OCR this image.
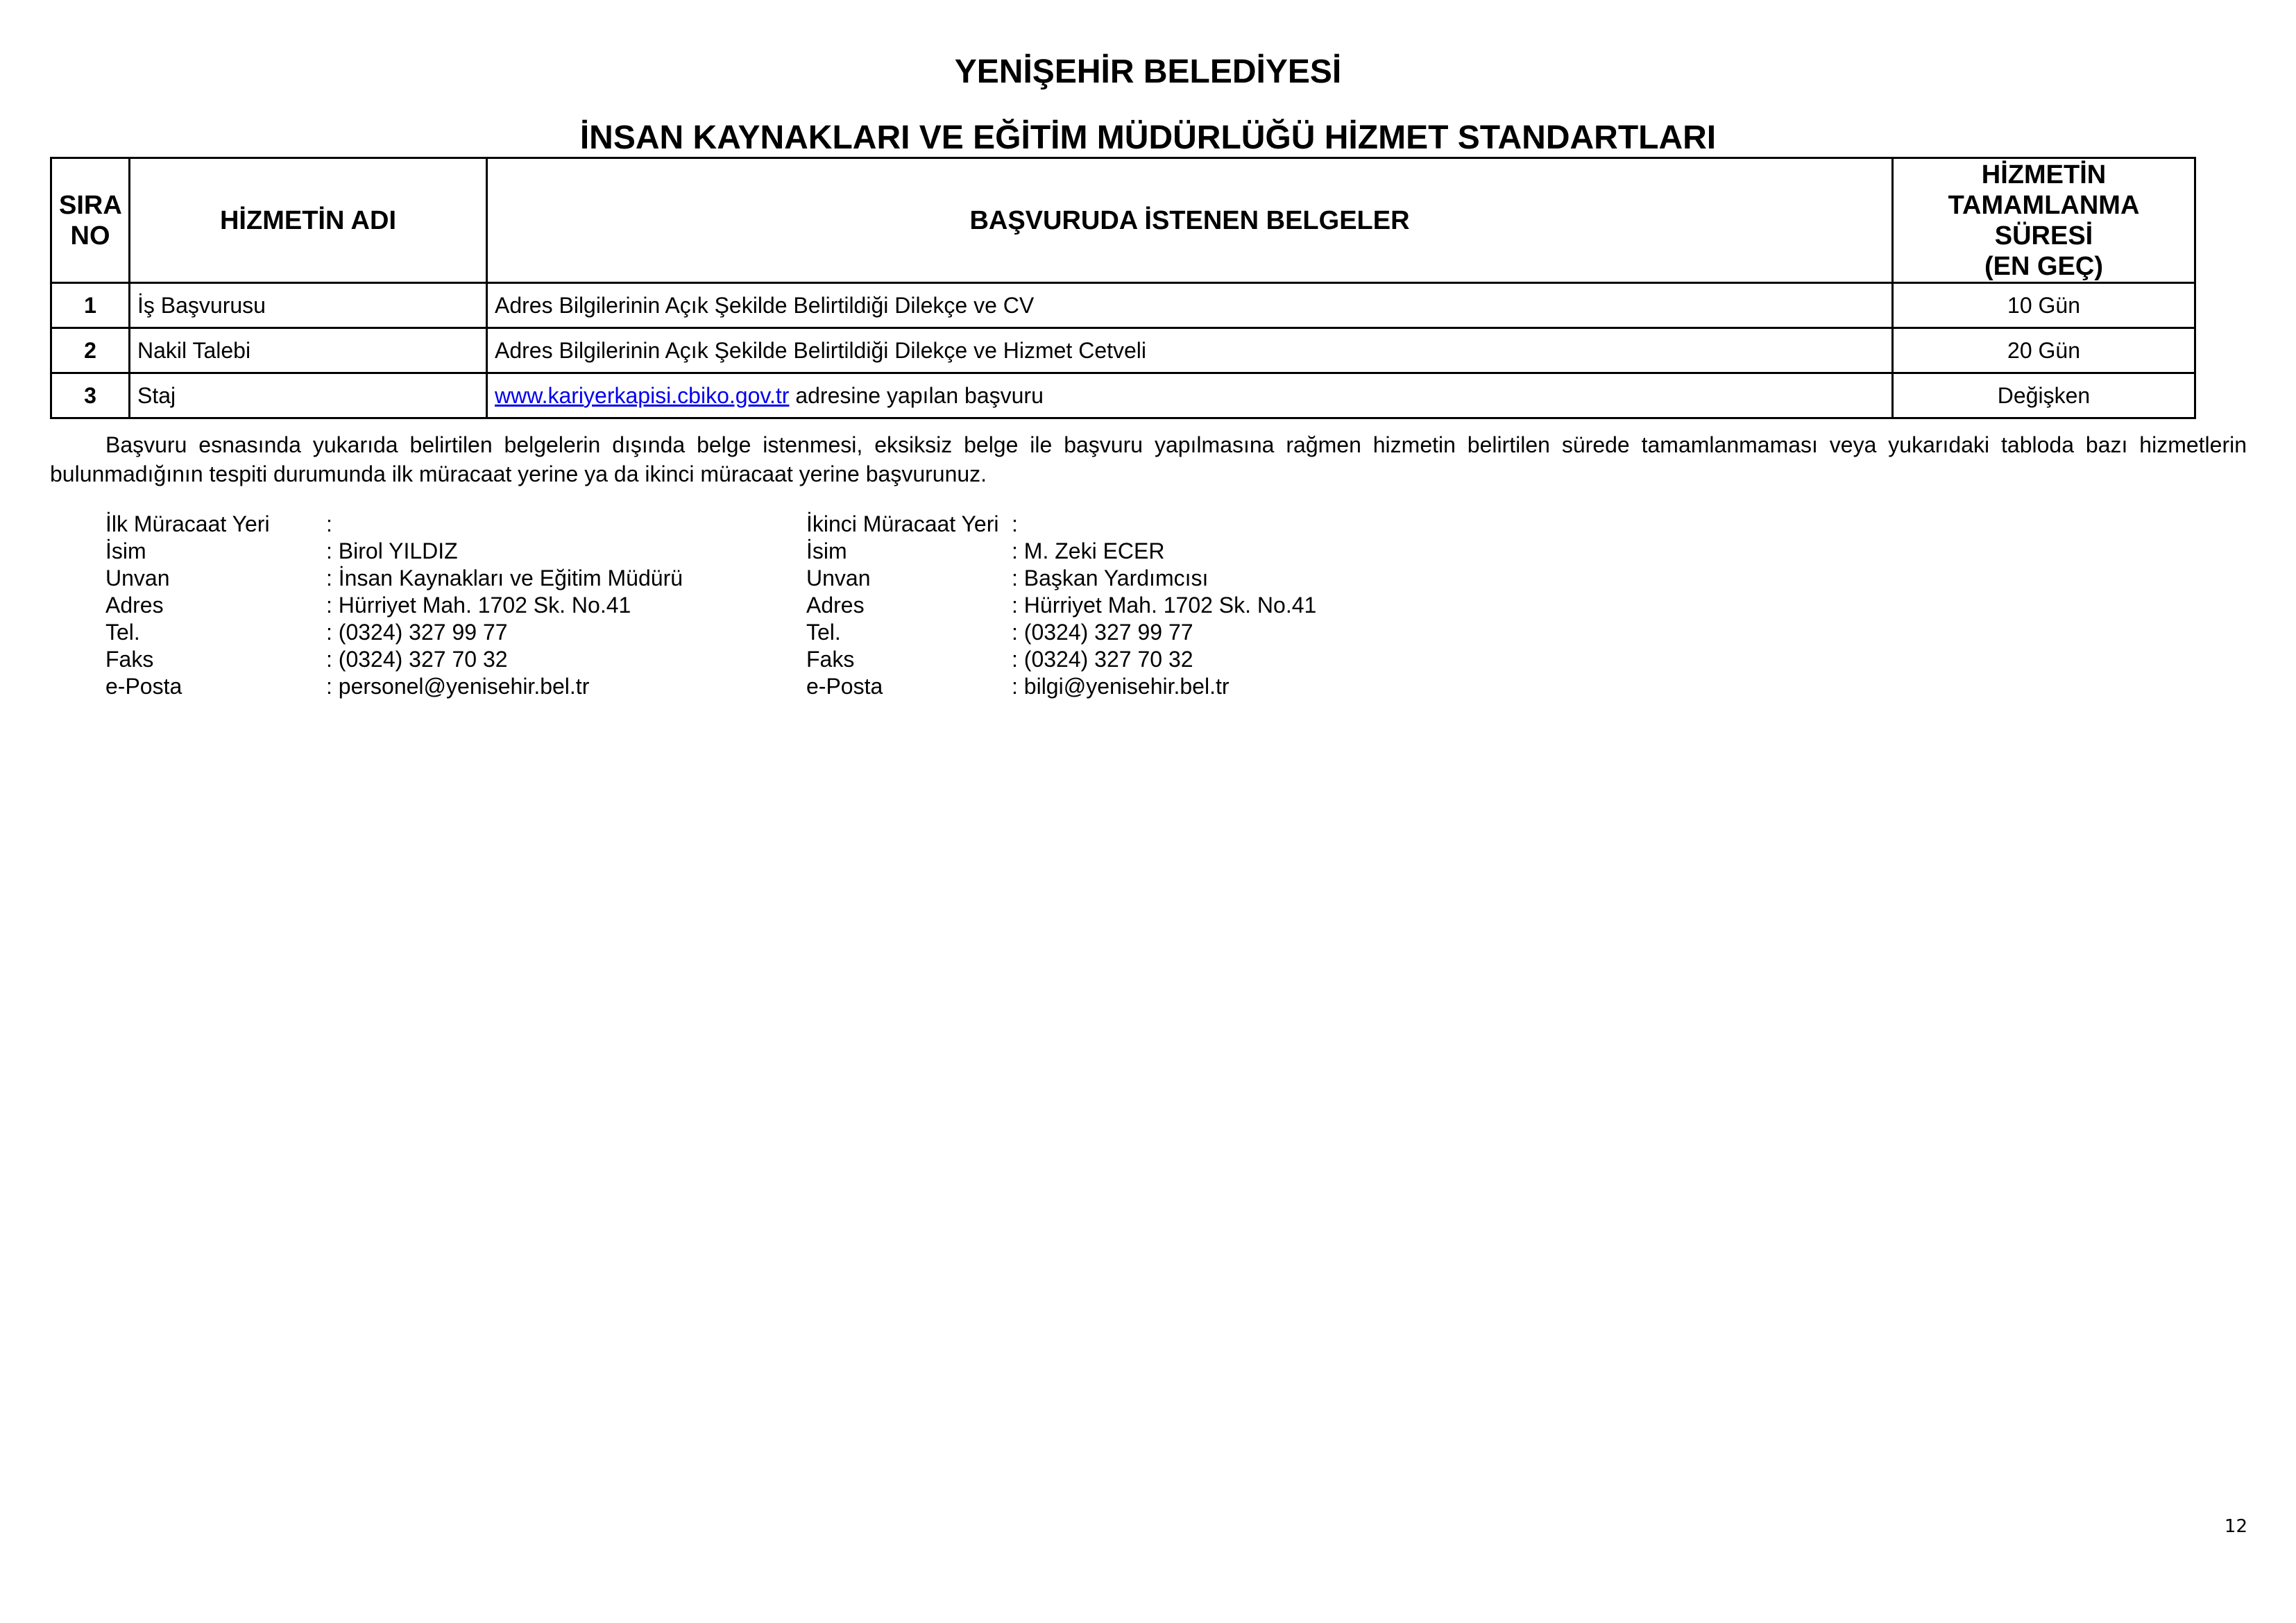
YENİŞEHİR BELEDİYESİ
İNSAN KAYNAKLARI VE EĞİTİM MÜDÜRLÜĞÜ HİZMET STANDARTLARI
SIRA
NO	HİZMETİN ADI	BAŞVURUDA İSTENEN BELGELER	HİZMETİN
TAMAMLANMA
SÜRESİ
(EN GEÇ)
1	İş Başvurusu	Adres Bilgilerinin Açık Şekilde Belirtildiği Dilekçe ve CV	10 Gün
2	Nakil Talebi	Adres Bilgilerinin Açık Şekilde Belirtildiği Dilekçe ve Hizmet Cetveli	20 Gün
3	Staj	www.kariyerkapisi.cbiko.gov.tr adresine yapılan başvuru	Değişken

Başvuru esnasında yukarıda belirtilen belgelerin dışında belge istenmesi, eksiksiz belge ile başvuru yapılmasına rağmen hizmetin belirtilen sürede tamamlanmaması veya yukarıdaki tabloda bazı hizmetlerin bulunmadığının tespiti durumunda ilk müracaat yerine ya da ikinci müracaat yerine başvurunuz.

İlk Müracaat Yeri	:
İsim	: Birol YILDIZ
Unvan	: İnsan Kaynakları ve Eğitim Müdürü
Adres	: Hürriyet Mah. 1702 Sk. No.41
Tel.	: (0324) 327 99 77
Faks	: (0324) 327 70 32
e-Posta	: personel@yenisehir.bel.tr
İkinci Müracaat Yeri :
İsim	: M. Zeki ECER
Unvan	: Başkan Yardımcısı
Adres	: Hürriyet Mah. 1702 Sk. No.41
Tel.	: (0324) 327 99 77
Faks	: (0324) 327 70 32
e-Posta	: bilgi@yenisehir.bel.tr
12
